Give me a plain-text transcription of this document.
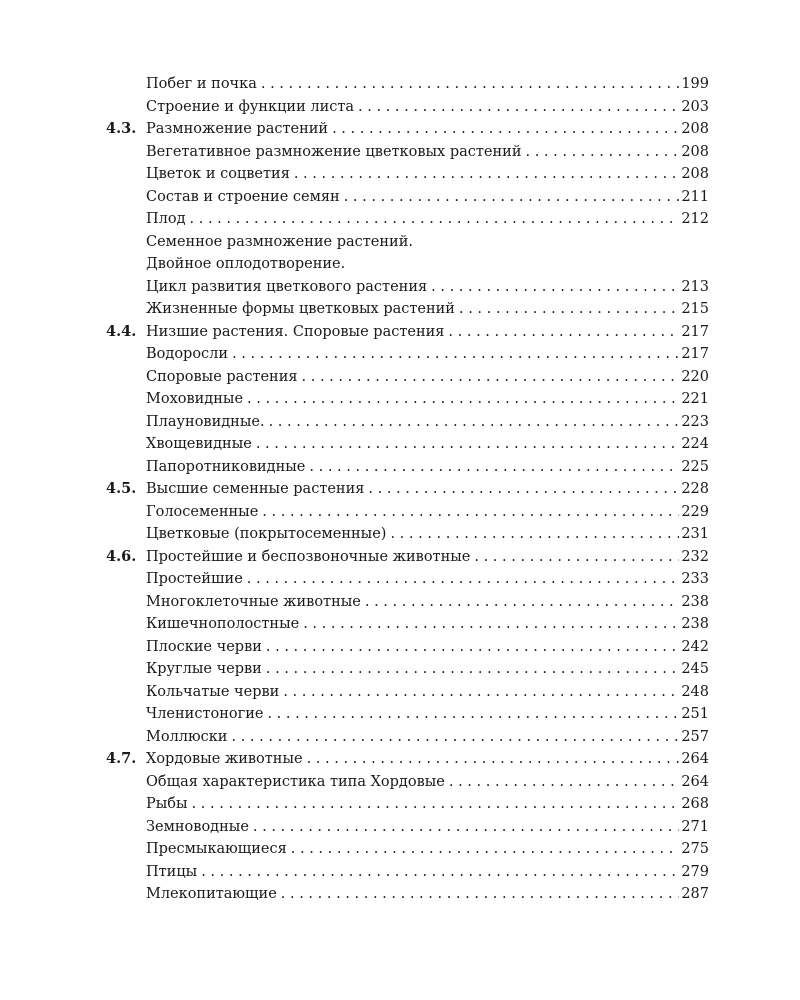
Побег и почка . . .	199
Строение и функции листа . . .	203
4.3. Размножение растений . . .	208
Вегетативное размножение цветковых растений . . .	208
Цветок и соцветия . . .	208
Состав и строение семян . . .	211
Плод . . .	212
Семенное размножение растений.
Двойное оплодотворение.
Цикл развития цветкового растения . . .	213
Жизненные формы цветковых растений . . .	215
4.4. Низшие растения. Споровые растения . . .	217
Водоросли . . .	217
Споровые растения . . .	220
Моховидные . . .	221
Плауновидные. . . .	223
Хвощевидные . . .	224
Папоротниковидные . . .	225
4.5. Высшие семенные растения . . .	228
Голосеменные . . .	229
Цветковые (покрытосеменные) . . .	231
4.6. Простейшие и беспозвоночные животные . . .	232
Простейшие . . .	233
Многоклеточные животные . . .	238
Кишечнополостные . . .	238
Плоские черви . . .	242
Круглые черви . . .	245
Кольчатые черви . . .	248
Членистоногие . . .	251
Моллюски . . .	257
4.7. Хордовые животные . . .	264
Общая характеристика типа Хордовые . . .	264
Рыбы . . .	268
Земноводные . . .	271
Пресмыкающиеся . . .	275
Птицы . . .	279
Млекопитающие . . .	287
